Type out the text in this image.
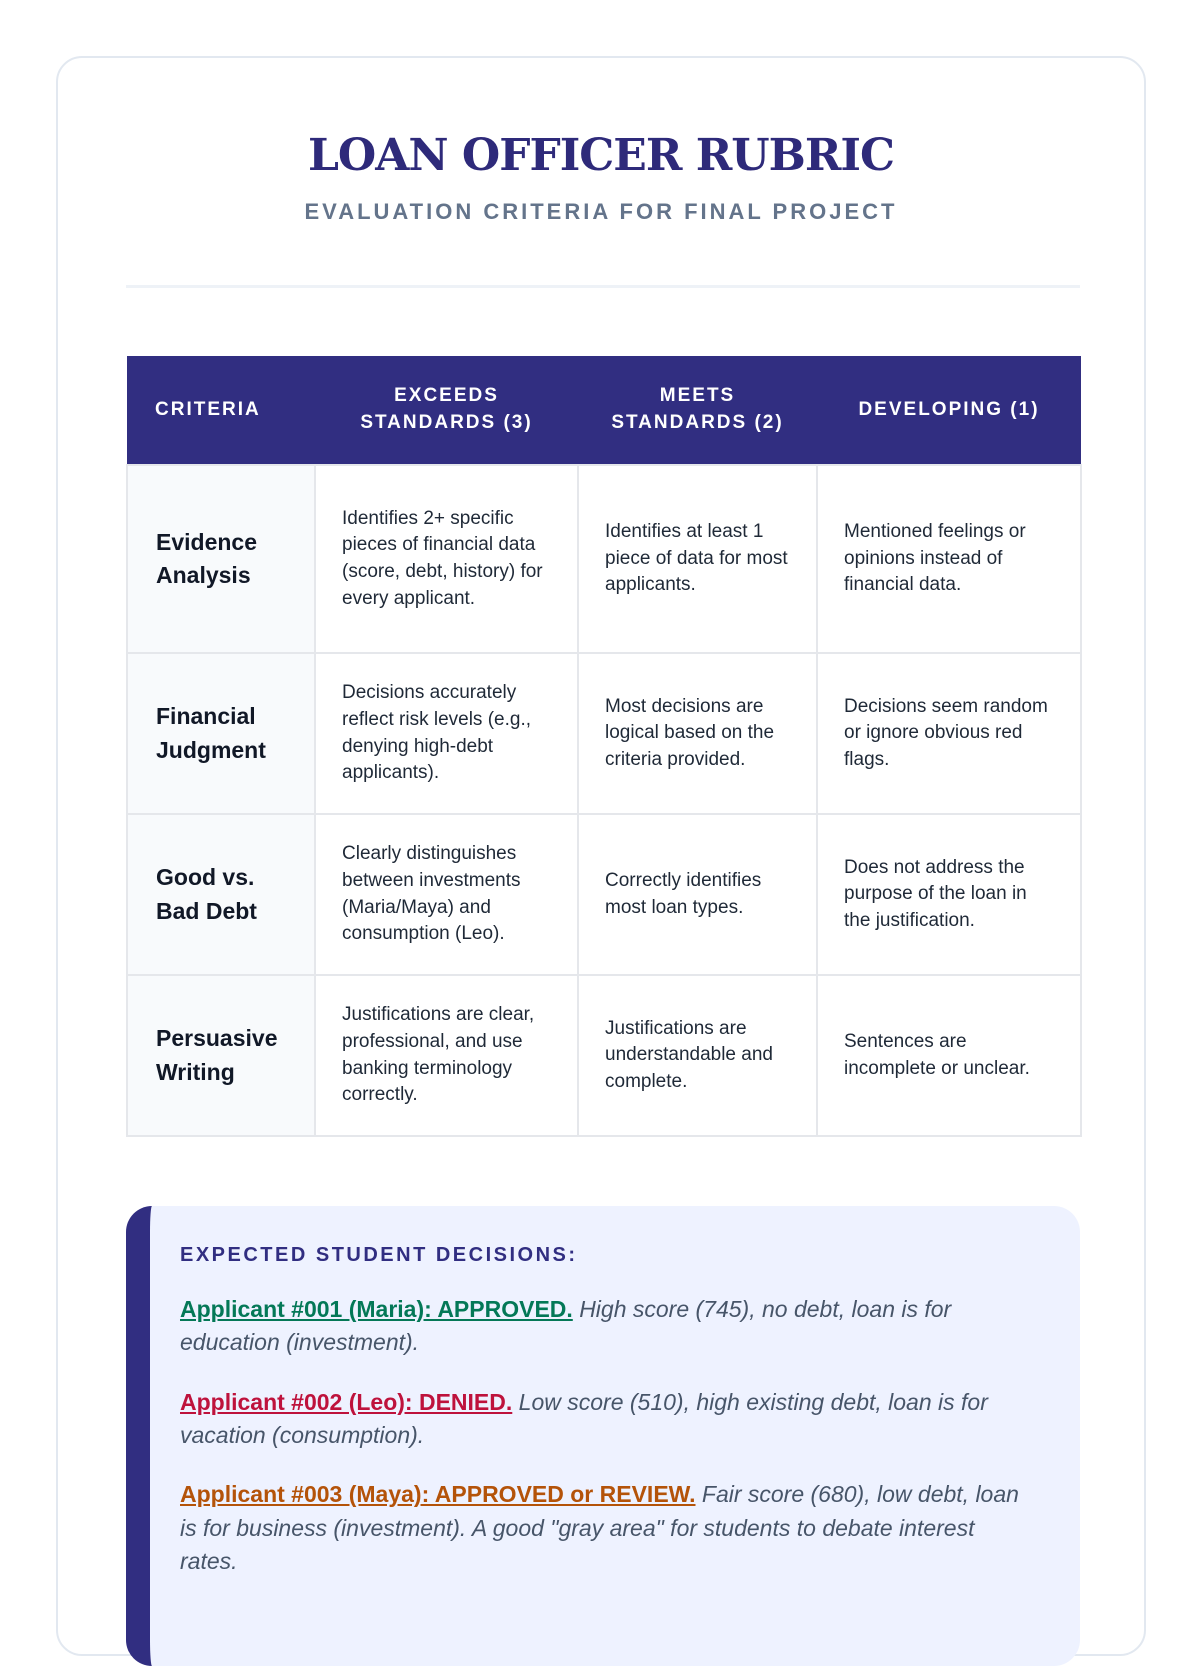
LOAN OFFICER RUBRIC
EVALUATION CRITERIA FOR FINAL PROJECT
CRITERIA	EXCEEDS STANDARDS (3)	MEETS STANDARDS (2)	DEVELOPING (1)
Evidence Analysis	Identifies 2+ specific pieces of financial data (score, debt, history) for every applicant.	Identifies at least 1 piece of data for most applicants.	Mentioned feelings or opinions instead of financial data.
Financial Judgment	Decisions accurately reflect risk levels (e.g., denying high-debt applicants).	Most decisions are logical based on the criteria provided.	Decisions seem random or ignore obvious red flags.
Good vs. Bad Debt	Clearly distinguishes between investments (Maria/Maya) and consumption (Leo).	Correctly identifies most loan types.	Does not address the purpose of the loan in the justification.
Persuasive Writing	Justifications are clear, professional, and use banking terminology correctly.	Justifications are understandable and complete.	Sentences are incomplete or unclear.
EXPECTED STUDENT DECISIONS:

Applicant #001 (Maria): APPROVED. High score (745), no debt, loan is for education (investment).

Applicant #002 (Leo): DENIED. Low score (510), high existing debt, loan is for vacation (consumption).

Applicant #003 (Maya): APPROVED or REVIEW. Fair score (680), low debt, loan is for business (investment). A good "gray area" for students to debate interest rates.
